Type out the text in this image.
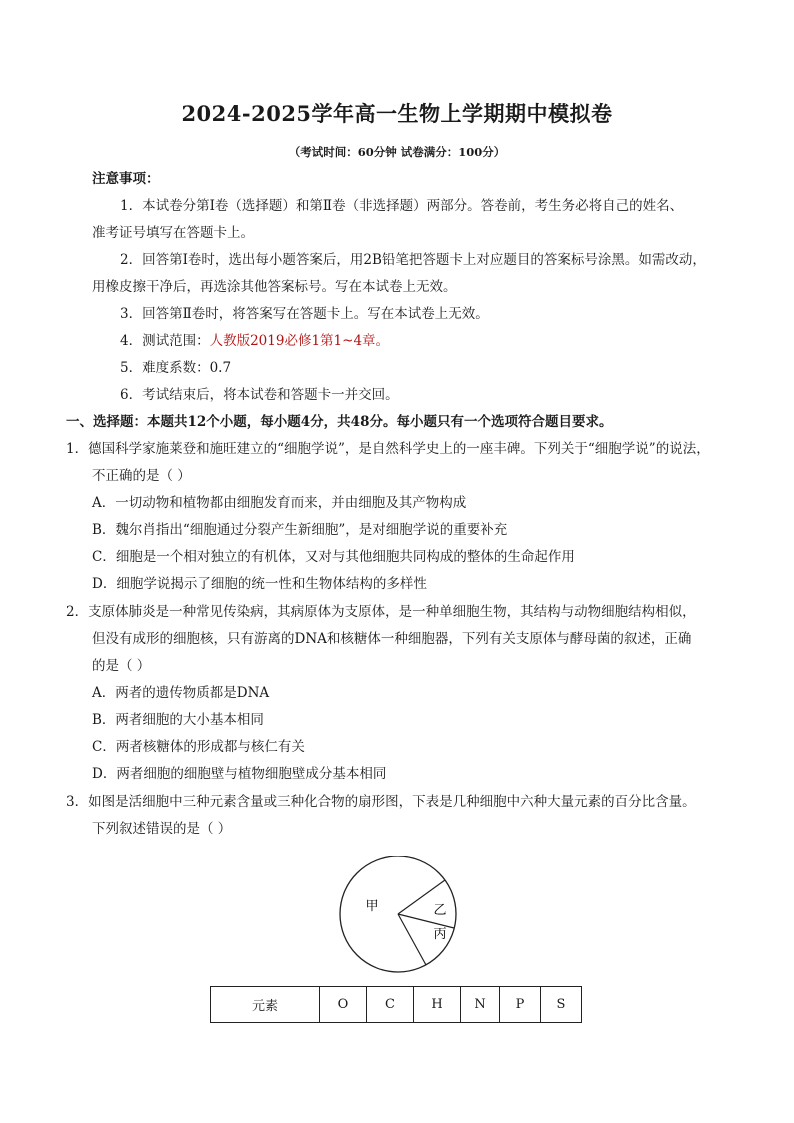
2024-2025学年高一生物上学期期中模拟卷
（考试时间：60分钟 试卷满分：100分）
注意事项：
1．本试卷分第Ⅰ卷（选择题）和第Ⅱ卷（非选择题）两部分。答卷前，考生务必将自己的姓名、
准考证号填写在答题卡上。
2．回答第Ⅰ卷时，选出每小题答案后，用2B铅笔把答题卡上对应题目的答案标号涂黑。如需改动，
用橡皮擦干净后，再选涂其他答案标号。写在本试卷上无效。
3．回答第Ⅱ卷时，将答案写在答题卡上。写在本试卷上无效。
4．测试范围：人教版2019必修1第1~4章。
5．难度系数：0.7
6．考试结束后，将本试卷和答题卡一并交回。
一、选择题：本题共12个小题，每小题4分，共48分。每小题只有一个选项符合题目要求。
1．德国科学家施莱登和施旺建立的“细胞学说”，是自然科学史上的一座丰碑。下列关于“细胞学说”的说法，
不正确的是（ ）
A．一切动物和植物都由细胞发育而来，并由细胞及其产物构成
B．魏尔肖指出“细胞通过分裂产生新细胞”，是对细胞学说的重要补充
C．细胞是一个相对独立的有机体，又对与其他细胞共同构成的整体的生命起作用
D．细胞学说揭示了细胞的统一性和生物体结构的多样性
2．支原体肺炎是一种常见传染病，其病原体为支原体，是一种单细胞生物，其结构与动物细胞结构相似，
但没有成形的细胞核，只有游离的DNA和核糖体一种细胞器，下列有关支原体与酵母菌的叙述，正确
的是（ ）
A．两者的遗传物质都是DNA
B．两者细胞的大小基本相同
C．两者核糖体的形成都与核仁有关
D．两者细胞的细胞壁与植物细胞壁成分基本相同
3．如图是活细胞中三种元素含量或三种化合物的扇形图，下表是几种细胞中六种大量元素的百分比含量。
下列叙述错误的是（ ）
甲	乙
丙
元素	O	C	H	N	P	S
